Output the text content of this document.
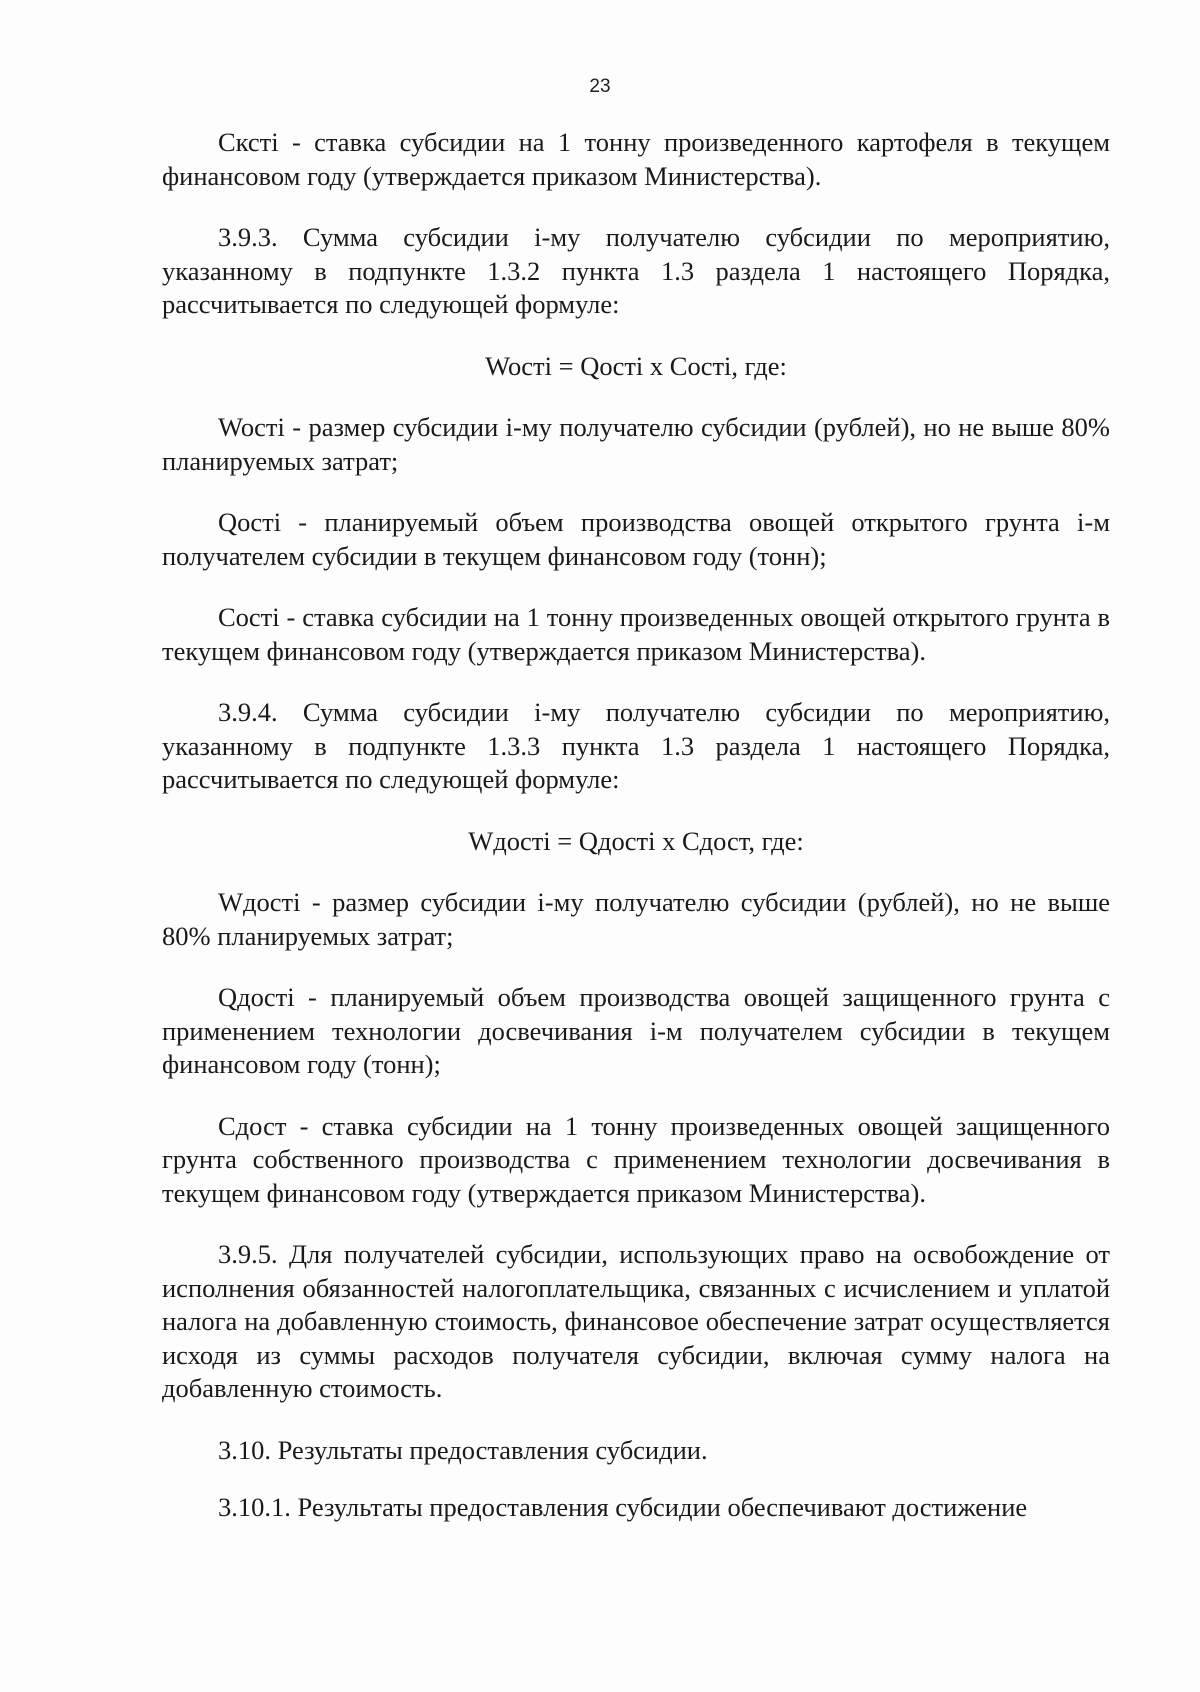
23

Скстi - ставка субсидии на 1 тонну произведенного картофеля в текущем финансовом году (утверждается приказом Министерства).

3.9.3. Сумма субсидии i-му получателю субсидии по мероприятию, указанному в подпункте 1.3.2 пункта 1.3 раздела 1 настоящего Порядка, рассчитывается по следующей формуле:

Wocтi = Qocтi х Cocтi, где:

Wocтi - размер субсидии i-му получателю субсидии (рублей), но не выше 80% планируемых затрат;

Qocтi - планируемый объем производства овощей открытого грунта i-м получателем субсидии в текущем финансовом году (тонн);

Cocтi - ставка субсидии на 1 тонну произведенных овощей открытого грунта в текущем финансовом году (утверждается приказом Министерства).

3.9.4. Сумма субсидии i-му получателю субсидии по мероприятию, указанному в подпункте 1.3.3 пункта 1.3 раздела 1 настоящего Порядка, рассчитывается по следующей формуле:

Wдocтi = Qдocтi х Сдост, где:

Wдocтi - размер субсидии i-му получателю субсидии (рублей), но не выше 80% планируемых затрат;

Qдocтi - планируемый объем производства овощей защищенного грунта с применением технологии досвечивания i-м получателем субсидии в текущем финансовом году (тонн);

Сдост - ставка субсидии на 1 тонну произведенных овощей защищенного грунта собственного производства с применением технологии досвечивания в текущем финансовом году (утверждается приказом Министерства).

3.9.5. Для получателей субсидии, использующих право на освобождение от исполнения обязанностей налогоплательщика, связанных с исчислением и уплатой налога на добавленную стоимость, финансовое обеспечение затрат осуществляется исходя из суммы расходов получателя субсидии, включая сумму налога на добавленную стоимость.

3.10. Результаты предоставления субсидии.

3.10.1. Результаты предоставления субсидии обеспечивают достижение
